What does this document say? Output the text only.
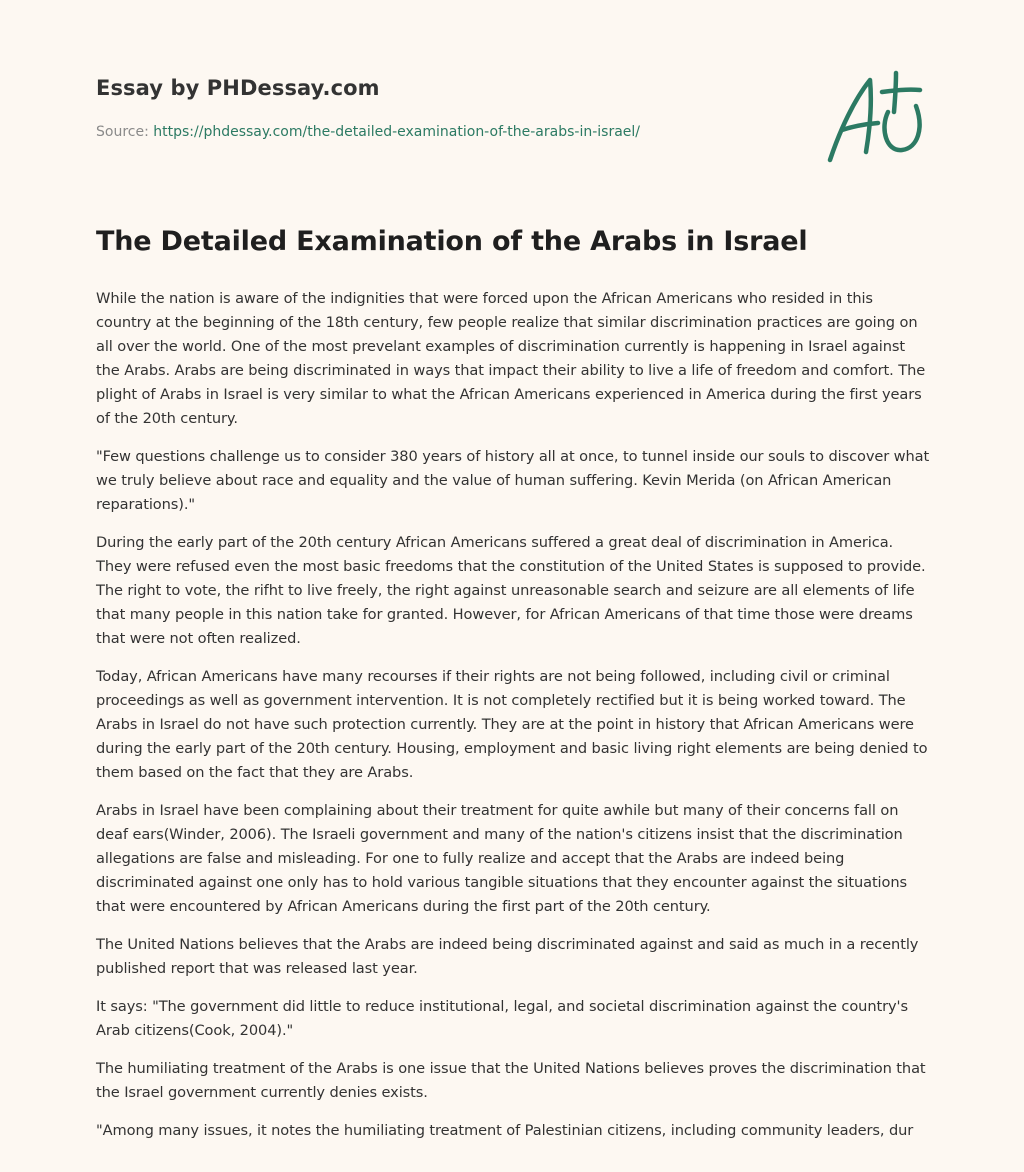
Essay by PHDessay.com
Source: https://phdessay.com/the-detailed-examination-of-the-arabs-in-israel/
The Detailed Examination of the Arabs in Israel

While the nation is aware of the indignities that were forced upon the African Americans who resided in this country at the beginning of the 18th century, few people realize that similar discrimination practices are going on all over the world. One of the most prevelant examples of discrimination currently is happening in Israel against the Arabs. Arabs are being discriminated in ways that impact their ability to live a life of freedom and comfort. The plight of Arabs in Israel is very similar to what the African Americans experienced in America during the first years of the 20th century.

"Few questions challenge us to consider 380 years of history all at once, to tunnel inside our souls to discover what we truly believe about race and equality and the value of human suffering. Kevin Merida (on African American reparations)."

During the early part of the 20th century African Americans suffered a great deal of discrimination in America. They were refused even the most basic freedoms that the constitution of the United States is supposed to provide. The right to vote, the rifht to live freely, the right against unreasonable search and seizure are all elements of life that many people in this nation take for granted. However, for African Americans of that time those were dreams that were not often realized.

Today, African Americans have many recourses if their rights are not being followed, including civil or criminal proceedings as well as government intervention. It is not completely rectified but it is being worked toward. The Arabs in Israel do not have such protection currently. They are at the point in history that African Americans were during the early part of the 20th century. Housing, employment and basic living right elements are being denied to them based on the fact that they are Arabs.

Arabs in Israel have been complaining about their treatment for quite awhile but many of their concerns fall on deaf ears(Winder, 2006). The Israeli government and many of the nation's citizens insist that the discrimination allegations are false and misleading. For one to fully realize and accept that the Arabs are indeed being discriminated against one only has to hold various tangible situations that they encounter against the situations that were encountered by African Americans during the first part of the 20th century.

The United Nations believes that the Arabs are indeed being discriminated against and said as much in a recently published report that was released last year.

It says: "The government did little to reduce institutional, legal, and societal discrimination against the country's Arab citizens(Cook, 2004)."

The humiliating treatment of the Arabs is one issue that the United Nations believes proves the discrimination that the Israel government currently denies exists.

"Among many issues, it notes the humiliating treatment of Palestinian citizens, including community leaders, dur
